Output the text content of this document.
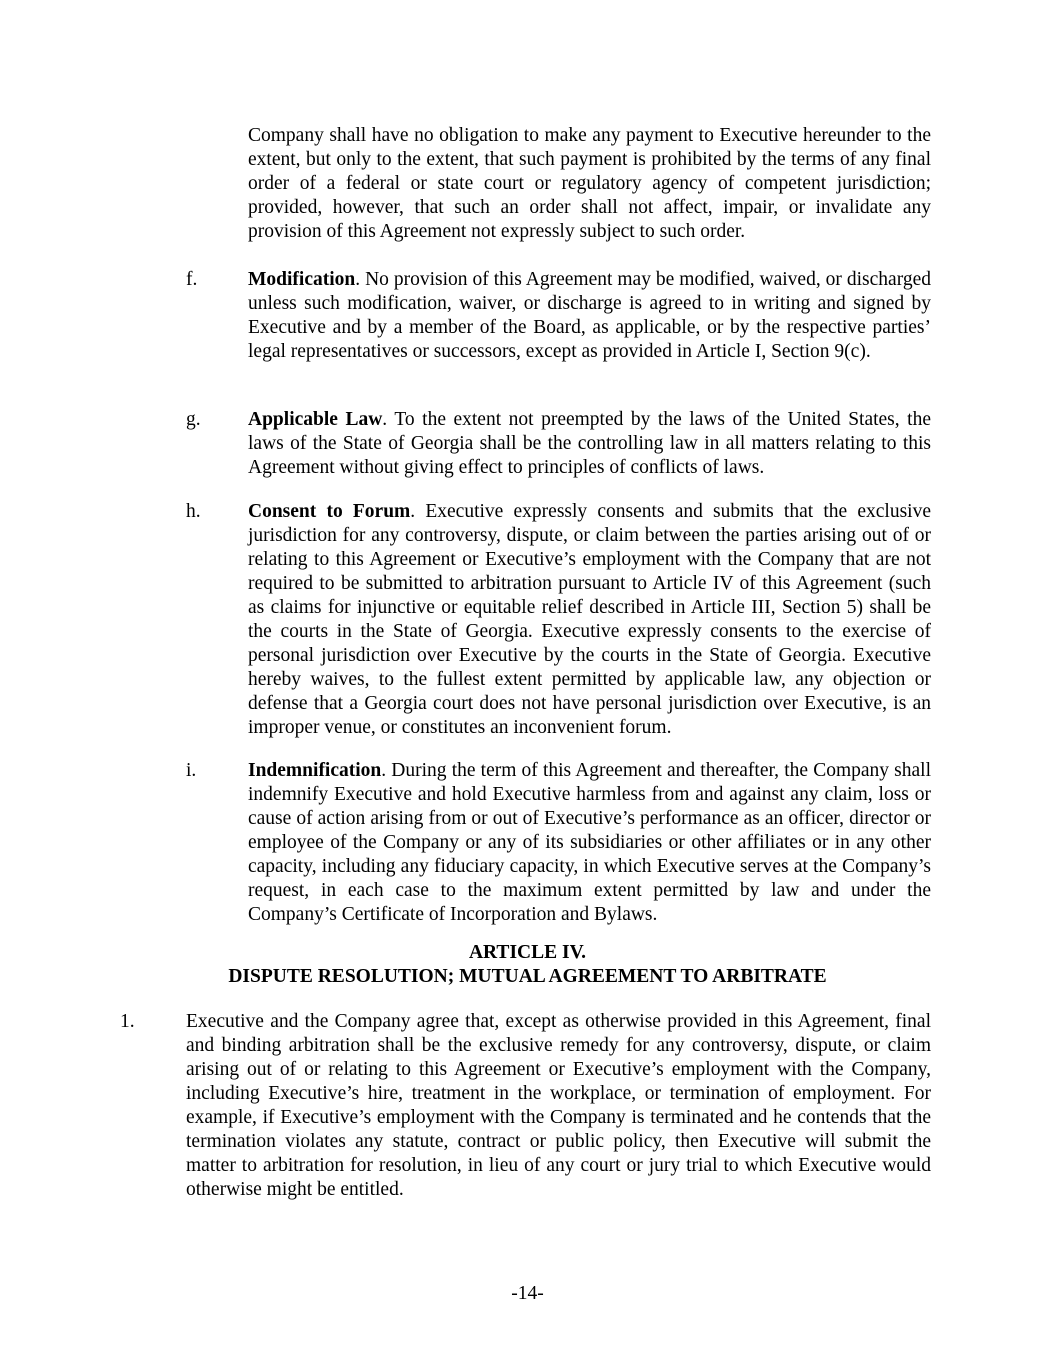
Company shall have no obligation to make any payment to Executive hereunder to the extent, but only to the extent, that such payment is prohibited by the terms of any final order of a federal or state court or regulatory agency of competent jurisdiction; provided, however, that such an order shall not affect, impair, or invalidate any provision of this Agreement not expressly subject to such order.
f.	Modification. No provision of this Agreement may be modified, waived, or discharged unless such modification, waiver, or discharge is agreed to in writing and signed by Executive and by a member of the Board, as applicable, or by the respective parties’ legal representatives or successors, except as provided in Article I, Section 9(c).
g.	Applicable Law. To the extent not preempted by the laws of the United States, the laws of the State of Georgia shall be the controlling law in all matters relating to this Agreement without giving effect to principles of conflicts of laws.
h.	Consent to Forum. Executive expressly consents and submits that the exclusive jurisdiction for any controversy, dispute, or claim between the parties arising out of or relating to this Agreement or Executive’s employment with the Company that are not required to be submitted to arbitration pursuant to Article IV of this Agreement (such as claims for injunctive or equitable relief described in Article III, Section 5) shall be the courts in the State of Georgia. Executive expressly consents to the exercise of personal jurisdiction over Executive by the courts in the State of Georgia. Executive hereby waives, to the fullest extent permitted by applicable law, any objection or defense that a Georgia court does not have personal jurisdiction over Executive, is an improper venue, or constitutes an inconvenient forum.
i.	Indemnification. During the term of this Agreement and thereafter, the Company shall indemnify Executive and hold Executive harmless from and against any claim, loss or cause of action arising from or out of Executive’s performance as an officer, director or employee of the Company or any of its subsidiaries or other affiliates or in any other capacity, including any fiduciary capacity, in which Executive serves at the Company’s request, in each case to the maximum extent permitted by law and under the Company’s Certificate of Incorporation and Bylaws.
ARTICLE IV.
DISPUTE RESOLUTION; MUTUAL AGREEMENT TO ARBITRATE
1.	Executive and the Company agree that, except as otherwise provided in this Agreement, final and binding arbitration shall be the exclusive remedy for any controversy, dispute, or claim arising out of or relating to this Agreement or Executive’s employment with the Company, including Executive’s hire, treatment in the workplace, or termination of employment. For example, if Executive’s employment with the Company is terminated and he contends that the termination violates any statute, contract or public policy, then Executive will submit the matter to arbitration for resolution, in lieu of any court or jury trial to which Executive would otherwise might be entitled.
-14-
